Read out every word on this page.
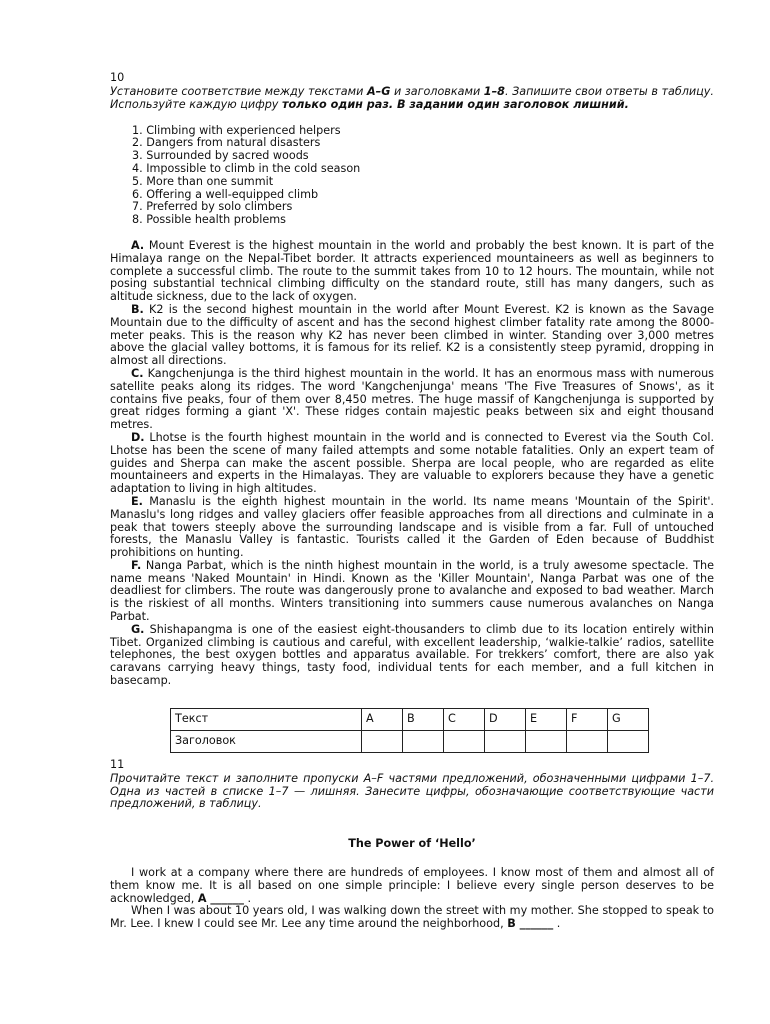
10

Установите соответствие между текстами A–G и заголовками 1–8. Запишите свои ответы в таблицу. Используйте каждую цифру только один раз. В задании один заголовок лишний.

1. Climbing with experienced helpers
2. Dangers from natural disasters
3. Surrounded by sacred woods
4. Impossible to climb in the cold season
5. More than one summit
6. Offering a well-equipped climb
7. Preferred by solo climbers
8. Possible health problems

A. Mount Everest is the highest mountain in the world and probably the best known. It is part of the Himalaya range on the Nepal-Tibet border. It attracts experienced mountaineers as well as beginners to complete a successful climb. The route to the summit takes from 10 to 12 hours. The mountain, while not posing substantial technical climbing difficulty on the standard route, still has many dangers, such as altitude sickness, due to the lack of oxygen.

B. K2 is the second highest mountain in the world after Mount Everest. K2 is known as the Savage Mountain due to the difficulty of ascent and has the second highest climber fatality rate among the 8000-meter peaks. This is the reason why K2 has never been climbed in winter. Standing over 3,000 metres above the glacial valley bottoms, it is famous for its relief. K2 is a consistently steep pyramid, dropping in almost all directions.

C. Kangchenjunga is the third highest mountain in the world. It has an enormous mass with numerous satellite peaks along its ridges. The word 'Kangchenjunga' means 'The Five Treasures of Snows', as it contains five peaks, four of them over 8,450 metres. The huge massif of Kangchenjunga is supported by great ridges forming a giant 'X'. These ridges contain majestic peaks between six and eight thousand metres.

D. Lhotse is the fourth highest mountain in the world and is connected to Everest via the South Col. Lhotse has been the scene of many failed attempts and some notable fatalities. Only an expert team of guides and Sherpa can make the ascent possible. Sherpa are local people, who are regarded as elite mountaineers and experts in the Himalayas. They are valuable to explorers because they have a genetic adaptation to living in high altitudes.

E. Manaslu is the eighth highest mountain in the world. Its name means 'Mountain of the Spirit'. Manaslu's long ridges and valley glaciers offer feasible approaches from all directions and culminate in a peak that towers steeply above the surrounding landscape and is visible from a far. Full of untouched forests, the Manaslu Valley is fantastic. Tourists called it the Garden of Eden because of Buddhist prohibitions on hunting.

F. Nanga Parbat, which is the ninth highest mountain in the world, is a truly awesome spectacle. The name means 'Naked Mountain' in Hindi. Known as the 'Killer Mountain', Nanga Parbat was one of the deadliest for climbers. The route was dangerously prone to avalanche and exposed to bad weather. March is the riskiest of all months. Winters transitioning into summers cause numerous avalanches on Nanga Parbat.

G. Shishapangma is one of the easiest eight-thousanders to climb due to its location entirely within Tibet. Organized climbing is cautious and careful, with excellent leadership, ‘walkie-talkie’ radios, satellite telephones, the best oxygen bottles and apparatus available. For trekkers’ comfort, there are also yak caravans carrying heavy things, tasty food, individual tents for each member, and a full kitchen in basecamp.

Текст	A	B	C	D	E	F	G
Заголовок							
11

Прочитайте текст и заполните пропуски A–F частями предложений, обозначенными цифрами 1–7. Одна из частей в списке 1–7 — лишняя. Занесите цифры, обозначающие соответствующие части предложений, в таблицу.

The Power of ‘Hello’

I work at a company where there are hundreds of employees. I know most of them and almost all of them know me. It is all based on one simple principle: I believe every single person deserves to be acknowledged, A ______ .

When I was about 10 years old, I was walking down the street with my mother. She stopped to speak to Mr. Lee. I knew I could see Mr. Lee any time around the neighborhood, B ______ .
